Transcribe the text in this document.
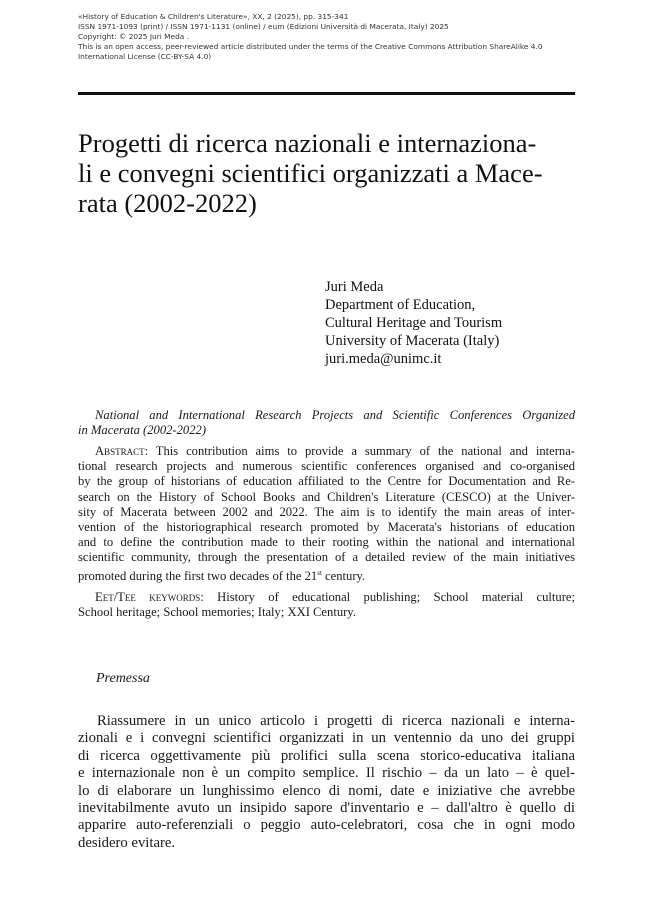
«History of Education & Children's Literature», XX, 2 (2025), pp. 315-341
ISSN 1971-1093 (print) / ISSN 1971-1131 (online) / eum (Edizioni Università di Macerata, Italy) 2025
Copyright: © 2025 Juri Meda .
This is an open access, peer-reviewed article distributed under the terms of the Creative Commons Attribution ShareAlike 4.0
International License (CC-BY-SA 4.0)
Progetti di ricerca nazionali e internaziona-
li e convegni scientifici organizzati a Mace-
rata (2002-2022)
Juri Meda
Department of Education,
Cultural Heritage and Tourism
University of Macerata (Italy)
juri.meda@unimc.it
National and International Research Projects and Scientific Conferences Organized
in Macerata (2002-2022)
Abstract: This contribution aims to provide a summary of the national and interna-
tional research projects and numerous scientific conferences organised and co-organised
by the group of historians of education affiliated to the Centre for Documentation and Re-
search on the History of School Books and Children's Literature (CESCO) at the Univer-
sity of Macerata between 2002 and 2022. The aim is to identify the main areas of inter-
vention of the historiographical research promoted by Macerata's historians of education
and to define the contribution made to their rooting within the national and international
scientific community, through the presentation of a detailed review of the main initiatives
promoted during the first two decades of the 21st century.
Eet/Tee keywords: History of educational publishing; School material culture;
School heritage; School memories; Italy; XXI Century.
Premessa
Riassumere in un unico articolo i progetti di ricerca nazionali e interna-
zionali e i convegni scientifici organizzati in un ventennio da uno dei gruppi
di ricerca oggettivamente più prolifici sulla scena storico-educativa italiana
e internazionale non è un compito semplice. Il rischio – da un lato – è quel-
lo di elaborare un lunghissimo elenco di nomi, date e iniziative che avrebbe
inevitabilmente avuto un insipido sapore d'inventario e – dall'altro è quello di
apparire auto-referenziali o peggio auto-celebratori, cosa che in ogni modo
desidero evitare.
